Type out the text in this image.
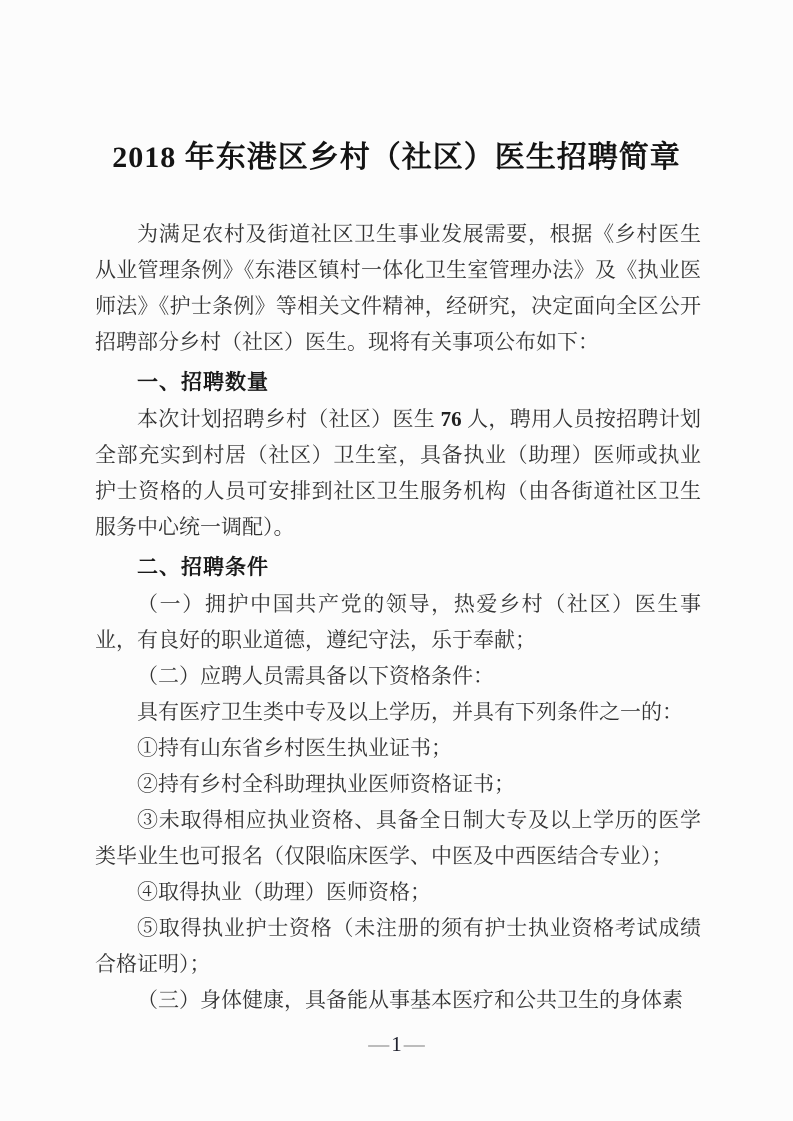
2018 年东港区乡村（社区）医生招聘简章

为满足农村及街道社区卫生事业发展需要，根据《乡村医生从业管理条例》《东港区镇村一体化卫生室管理办法》及《执业医师法》《护士条例》等相关文件精神，经研究，决定面向全区公开招聘部分乡村（社区）医生。现将有关事项公布如下：

一、招聘数量

本次计划招聘乡村（社区）医生 76 人，聘用人员按招聘计划全部充实到村居（社区）卫生室，具备执业（助理）医师或执业护士资格的人员可安排到社区卫生服务机构（由各街道社区卫生服务中心统一调配）。

二、招聘条件

（一）拥护中国共产党的领导，热爱乡村（社区）医生事业，有良好的职业道德，遵纪守法，乐于奉献；

（二）应聘人员需具备以下资格条件：

具有医疗卫生类中专及以上学历，并具有下列条件之一的：

①持有山东省乡村医生执业证书；

②持有乡村全科助理执业医师资格证书；

③未取得相应执业资格、具备全日制大专及以上学历的医学类毕业生也可报名（仅限临床医学、中医及中西医结合专业）；

④取得执业（助理）医师资格；

⑤取得执业护士资格（未注册的须有护士执业资格考试成绩合格证明）；

（三）身体健康，具备能从事基本医疗和公共卫生的身体素

—1—
